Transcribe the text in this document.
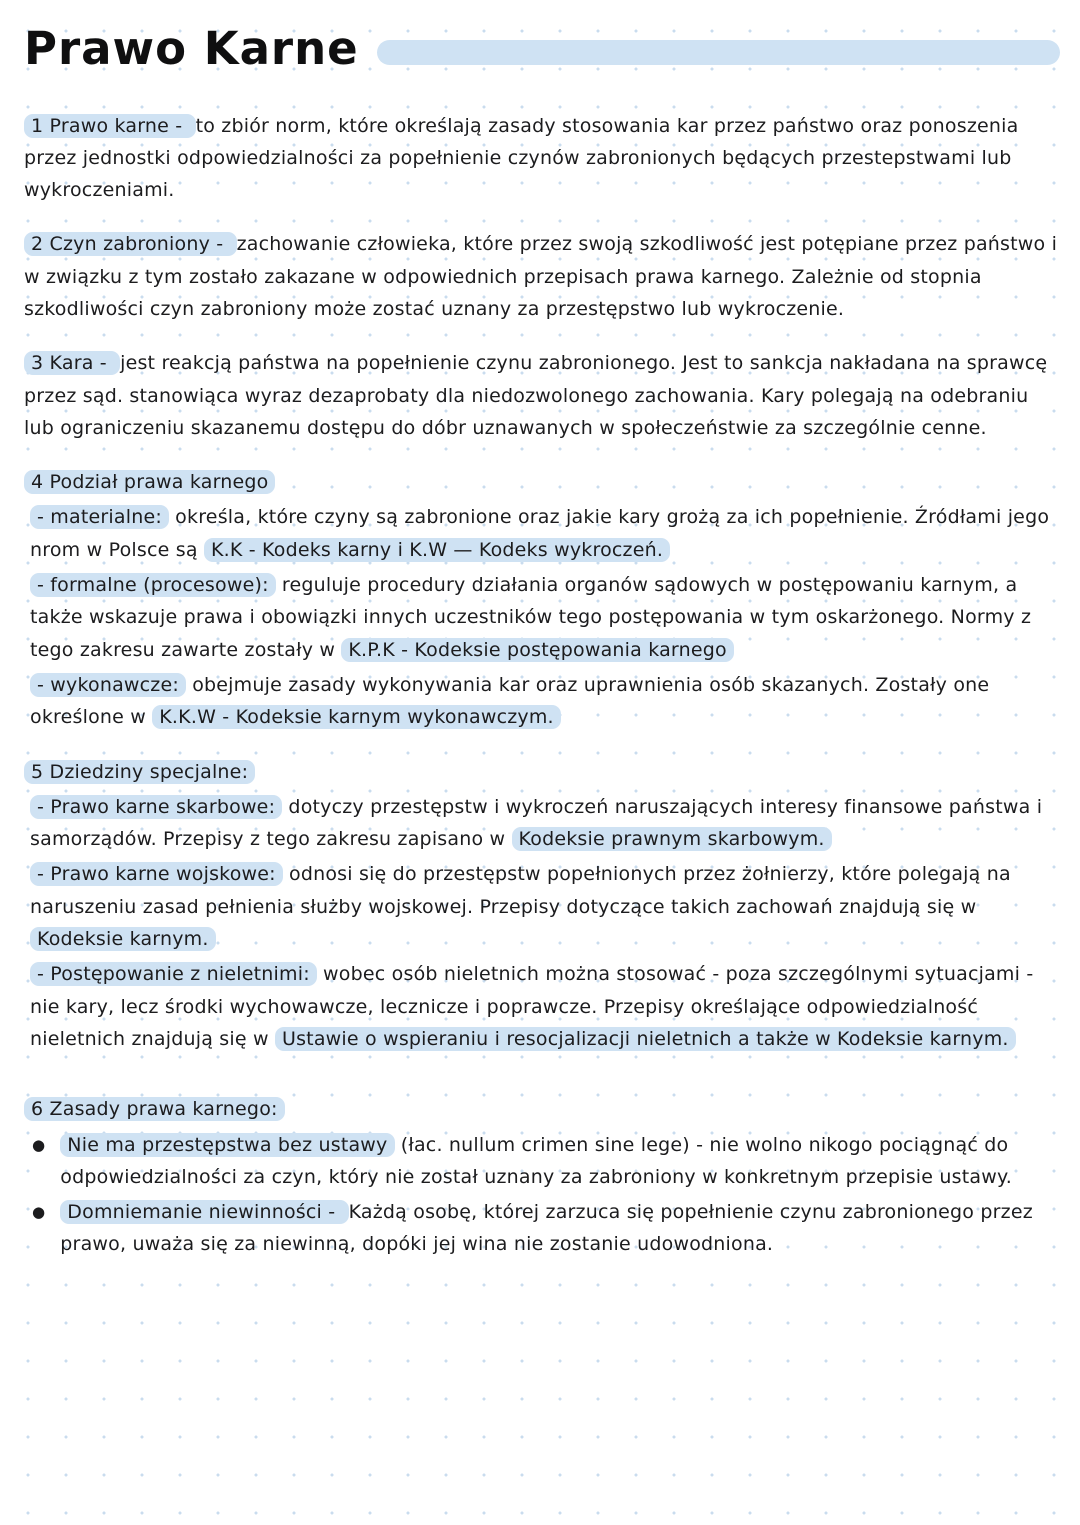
Prawo Karne

1 Prawo karne - to zbiór norm, które określają zasady stosowania kar przez państwo oraz ponoszenia przez jednostki odpowiedzialności za popełnienie czynów zabronionych będących przestepstwami lub wykroczeniami.

2 Czyn zabroniony - zachowanie człowieka, które przez swoją szkodliwość jest potępiane przez państwo i w związku z tym zostało zakazane w odpowiednich przepisach prawa karnego. Zależnie od stopnia szkodliwości czyn zabroniony może zostać uznany za przestępstwo lub wykroczenie.

3 Kara - jest reakcją państwa na popełnienie czynu zabronionego. Jest to sankcja nakładana na sprawcę przez sąd. stanowiąca wyraz dezaprobaty dla niedozwolonego zachowania. Kary polegają na odebraniu lub ograniczeniu skazanemu dostępu do dóbr uznawanych w społeczeństwie za szczególnie cenne.

4 Podział prawa karnego

- materialne: określa, które czyny są zabronione oraz jakie kary grożą za ich popełnienie. Źródłami jego nrom w Polsce są K.K - Kodeks karny i K.W — Kodeks wykroczeń.

- formalne (procesowe): reguluje procedury działania organów sądowych w postępowaniu karnym, a także wskazuje prawa i obowiązki innych uczestników tego postępowania w tym oskarżonego. Normy z tego zakresu zawarte zostały w K.P.K - Kodeksie postępowania karnego

- wykonawcze: obejmuje zasady wykonywania kar oraz uprawnienia osób skazanych. Zostały one określone w K.K.W - Kodeksie karnym wykonawczym.

5 Dziedziny specjalne:

- Prawo karne skarbowe: dotyczy przestępstw i wykroczeń naruszających interesy finansowe państwa i samorządów. Przepisy z tego zakresu zapisano w Kodeksie prawnym skarbowym.

- Prawo karne wojskowe: odnosi się do przestępstw popełnionych przez żołnierzy, które polegają na naruszeniu zasad pełnienia służby wojskowej. Przepisy dotyczące takich zachowań znajdują się w Kodeksie karnym.

- Postępowanie z nieletnimi: wobec osób nieletnich można stosować - poza szczególnymi sytuacjami - nie kary, lecz środki wychowawcze, lecznicze i poprawcze. Przepisy określające odpowiedzialność nieletnich znajdują się w Ustawie o wspieraniu i resocjalizacji nieletnich a także w Kodeksie karnym.

6 Zasady prawa karnego:

●	Nie ma przestępstwa bez ustawy (łac. nullum crimen sine lege) - nie wolno nikogo pociągnąć do odpowiedzialności za czyn, który nie został uznany za zabroniony w konkretnym przepisie ustawy.

●	Domniemanie niewinności - Każdą osobę, której zarzuca się popełnienie czynu zabronionego przez prawo, uważa się za niewinną, dopóki jej wina nie zostanie udowodniona.
